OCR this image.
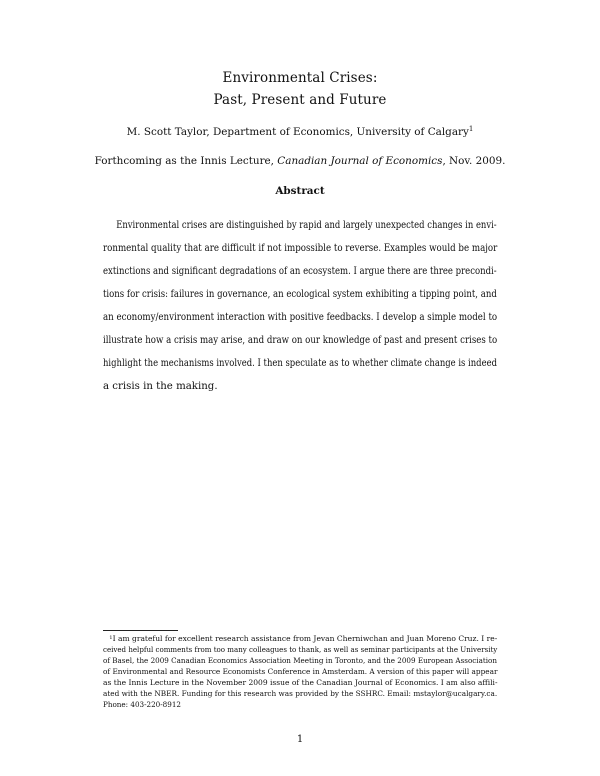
Environmental Crises:
Past, Present and Future
M. Scott Taylor, Department of Economics, University of Calgary$^1$
Forthcoming as the Innis Lecture, Canadian Journal of Economics, Nov. 2009.
Abstract
Environmental crises are distinguished by rapid and largely unexpected changes in envi-
ronmental quality that are difficult if not impossible to reverse. Examples would be major
extinctions and significant degradations of an ecosystem. I argue there are three precondi-
tions for crisis: failures in governance, an ecological system exhibiting a tipping point, and
an economy/environment interaction with positive feedbacks. I develop a simple model to
illustrate how a crisis may arise, and draw on our knowledge of past and present crises to
highlight the mechanisms involved. I then speculate as to whether climate change is indeed
a crisis in the making.
$^1$I am grateful for excellent research assistance from Jevan Cherniwchan and Juan Moreno Cruz. I re-
ceived helpful comments from too many colleagues to thank, as well as seminar participants at the University
of Basel, the 2009 Canadian Economics Association Meeting in Toronto, and the 2009 European Association
of Environmental and Resource Economists Conference in Amsterdam. A version of this paper will appear
as the Innis Lecture in the November 2009 issue of the Canadian Journal of Economics. I am also affili-
ated with the NBER. Funding for this research was provided by the SSHRC. Email: mstaylor@ucalgary.ca.
Phone: 403-220-8912
1
